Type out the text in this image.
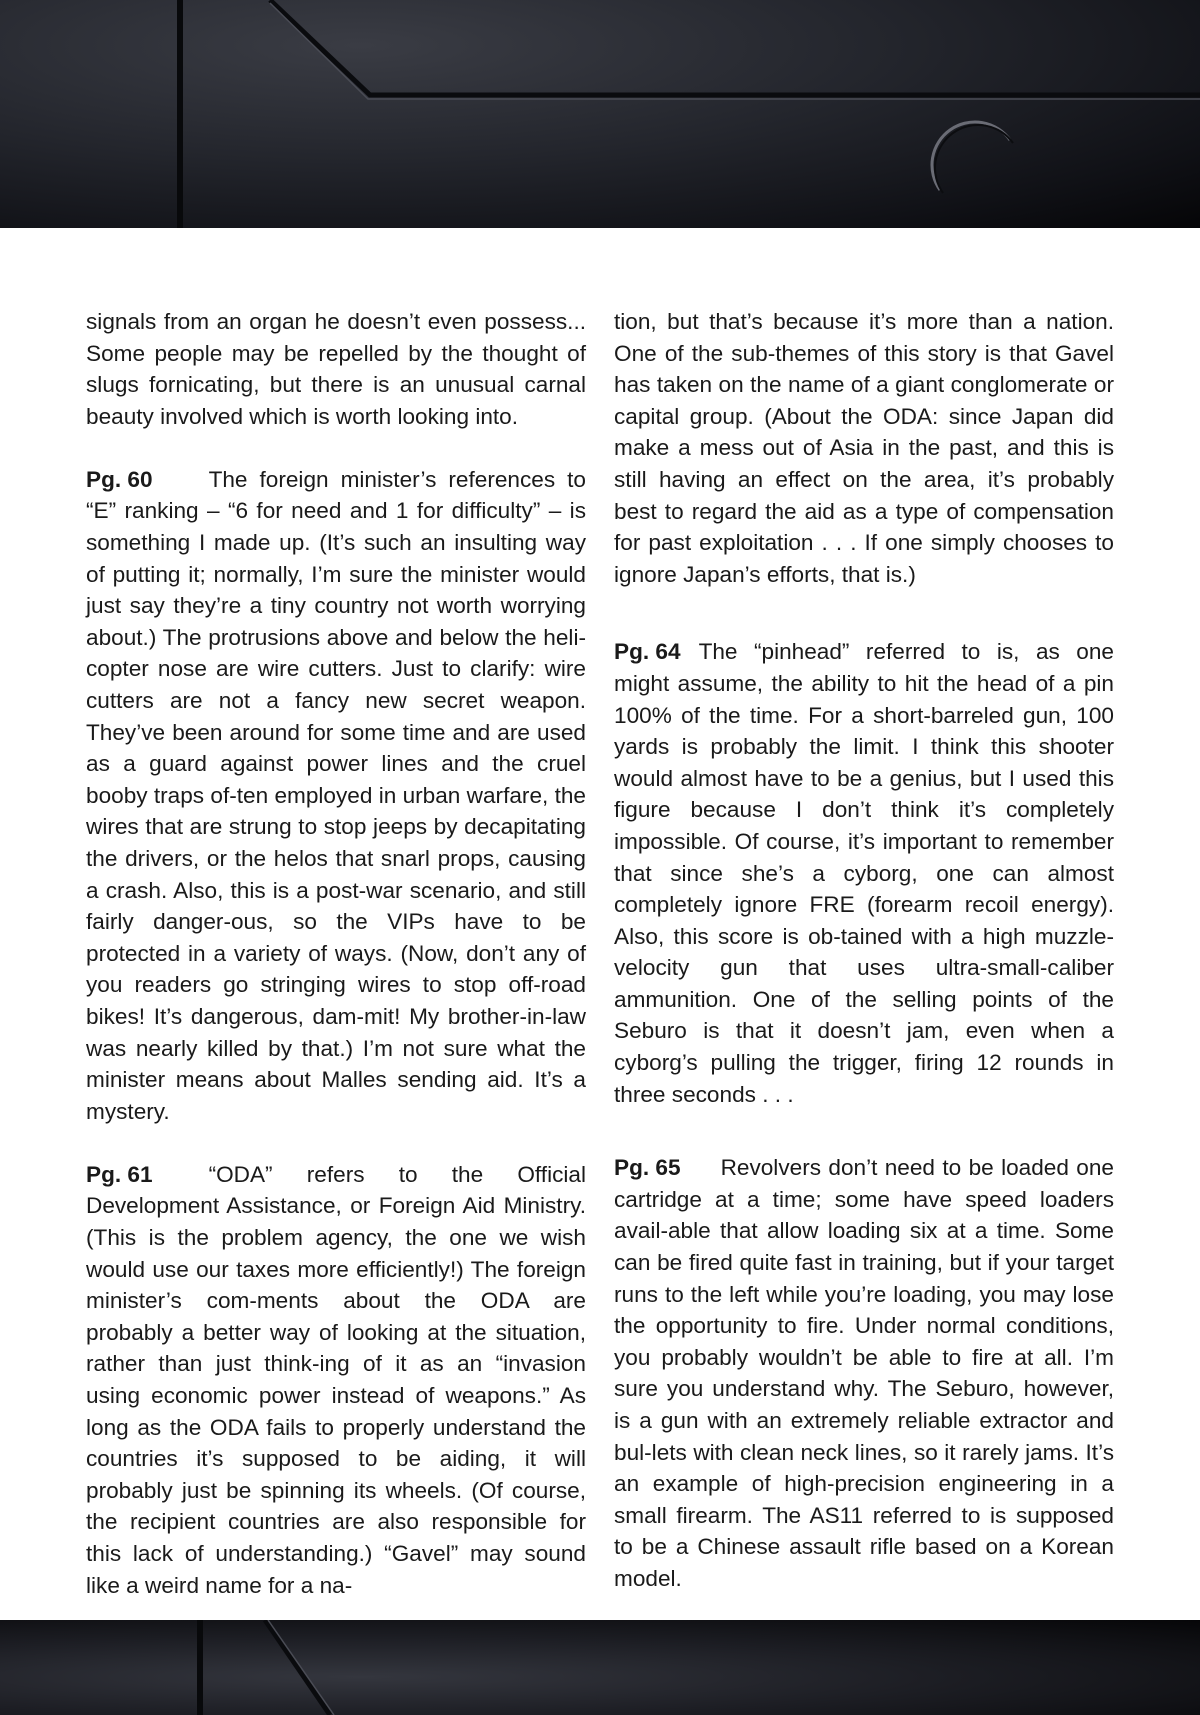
signals from an organ he doesn’t even possess... Some people may be repelled by the thought of slugs fornicating, but there is an unusual carnal beauty involved which is worth looking into.

Pg. 60 The foreign minister’s references to “E” ranking – “6 for need and 1 for difficulty” – is something I made up. (It’s such an insulting way of putting it; normally, I’m sure the minister would just say they’re a tiny country not worth worrying about.) The protrusions above and below the heli-copter nose are wire cutters. Just to clarify: wire cutters are not a fancy new secret weapon. They’ve been around for some time and are used as a guard against power lines and the cruel booby traps of-ten employed in urban warfare, the wires that are strung to stop jeeps by decapitating the drivers, or the helos that snarl props, causing a crash. Also, this is a post-war scenario, and still fairly danger-ous, so the VIPs have to be protected in a variety of ways. (Now, don’t any of you readers go stringing wires to stop off-road bikes! It’s dangerous, dam-mit! My brother-in-law was nearly killed by that.) I’m not sure what the minister means about Malles sending aid. It’s a mystery.

Pg. 61 “ODA” refers to the Official Development Assistance, or Foreign Aid Ministry. (This is the problem agency, the one we wish would use our taxes more efficiently!) The foreign minister’s com-ments about the ODA are probably a better way of looking at the situation, rather than just think-ing of it as an “invasion using economic power instead of weapons.” As long as the ODA fails to properly understand the countries it’s supposed to be aiding, it will probably just be spinning its wheels. (Of course, the recipient countries are also responsible for this lack of understanding.) “Gavel” may sound like a weird name for a na-

tion, but that’s because it’s more than a nation. One of the sub-themes of this story is that Gavel has taken on the name of a giant conglomerate or capital group. (About the ODA: since Japan did make a mess out of Asia in the past, and this is still having an effect on the area, it’s probably best to regard the aid as a type of compensation for past exploitation . . . If one simply chooses to ignore Japan’s efforts, that is.)

Pg. 64 The “pinhead” referred to is, as one might assume, the ability to hit the head of a pin 100% of the time. For a short-barreled gun, 100 yards is probably the limit. I think this shooter would almost have to be a genius, but I used this figure because I don’t think it’s completely impossible. Of course, it’s important to remember that since she’s a cyborg, one can almost completely ignore FRE (forearm recoil energy). Also, this score is ob-tained with a high muzzle-velocity gun that uses ultra-small-caliber ammunition. One of the selling points of the Seburo is that it doesn’t jam, even when a cyborg’s pulling the trigger, firing 12 rounds in three seconds . . .

Pg. 65 Revolvers don’t need to be loaded one cartridge at a time; some have speed loaders avail-able that allow loading six at a time. Some can be fired quite fast in training, but if your target runs to the left while you’re loading, you may lose the opportunity to fire. Under normal conditions, you probably wouldn’t be able to fire at all. I’m sure you understand why. The Seburo, however, is a gun with an extremely reliable extractor and bul-lets with clean neck lines, so it rarely jams. It’s an example of high-precision engineering in a small firearm. The AS11 referred to is supposed to be a Chinese assault rifle based on a Korean model.
